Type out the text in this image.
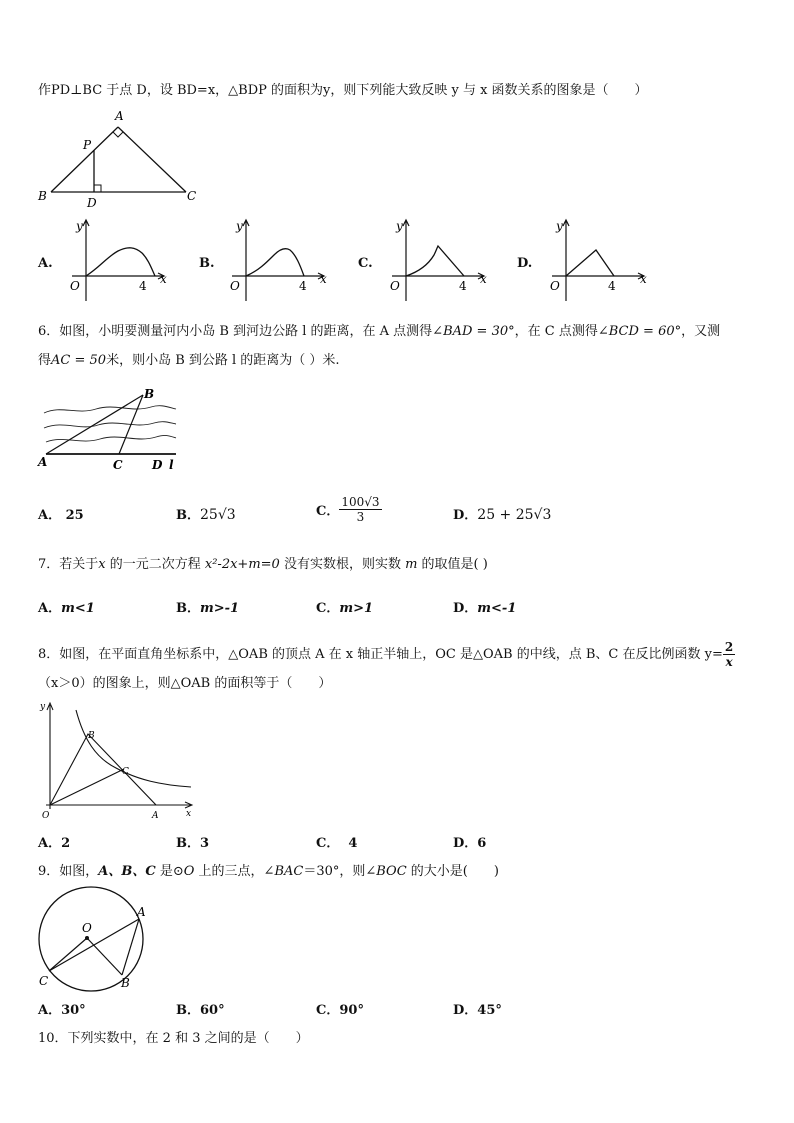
作PD⊥BC 于点 D，设 BD=x，△BDP 的面积为y，则下列能大致反映 y 与 x 函数关系的图象是（　　）
A
B	C
D
P
A.
y
x
O	4
B.
y
x
O	4
C.
y
x
O	4
D.
y
x
O	4
6．如图，小明要测量河内小岛 B 到河边公路 l 的距离，在 A 点测得∠BAD = 30°，在 C 点测得∠BCD = 60°，又测
得AC = 50米，则小岛 B 到公路 l 的距离为（ ）米.
A
B
C D l
A． 25	B．25√3	C． $\frac{100√3}{3}$	D．25 + 25√3
7．若关于x 的一元二次方程 x²-2x+m=0 没有实数根，则实数 m 的取值是( )
A．m<1	B．m>-1	C．m>1	D．m<-1
8．如图，在平面直角坐标系中，△OAB 的顶点 A 在 x 轴正半轴上，OC 是△OAB 的中线，点 B、C 在反比例函数 $y= \frac{2}{x}$
（x＞0）的图象上，则△OAB 的面积等于（　　）
y
x
O	A
B
C
A．2	B．3	C． 4	D．6
9．如图，A、B、C 是⊙O 上的三点，∠BAC＝30°，则∠BOC 的大小是(　　)
O
A
C	B
A．30°	B．60°	C．90°	D．45°
10．下列实数中，在 2 和 3 之间的是（　　）
